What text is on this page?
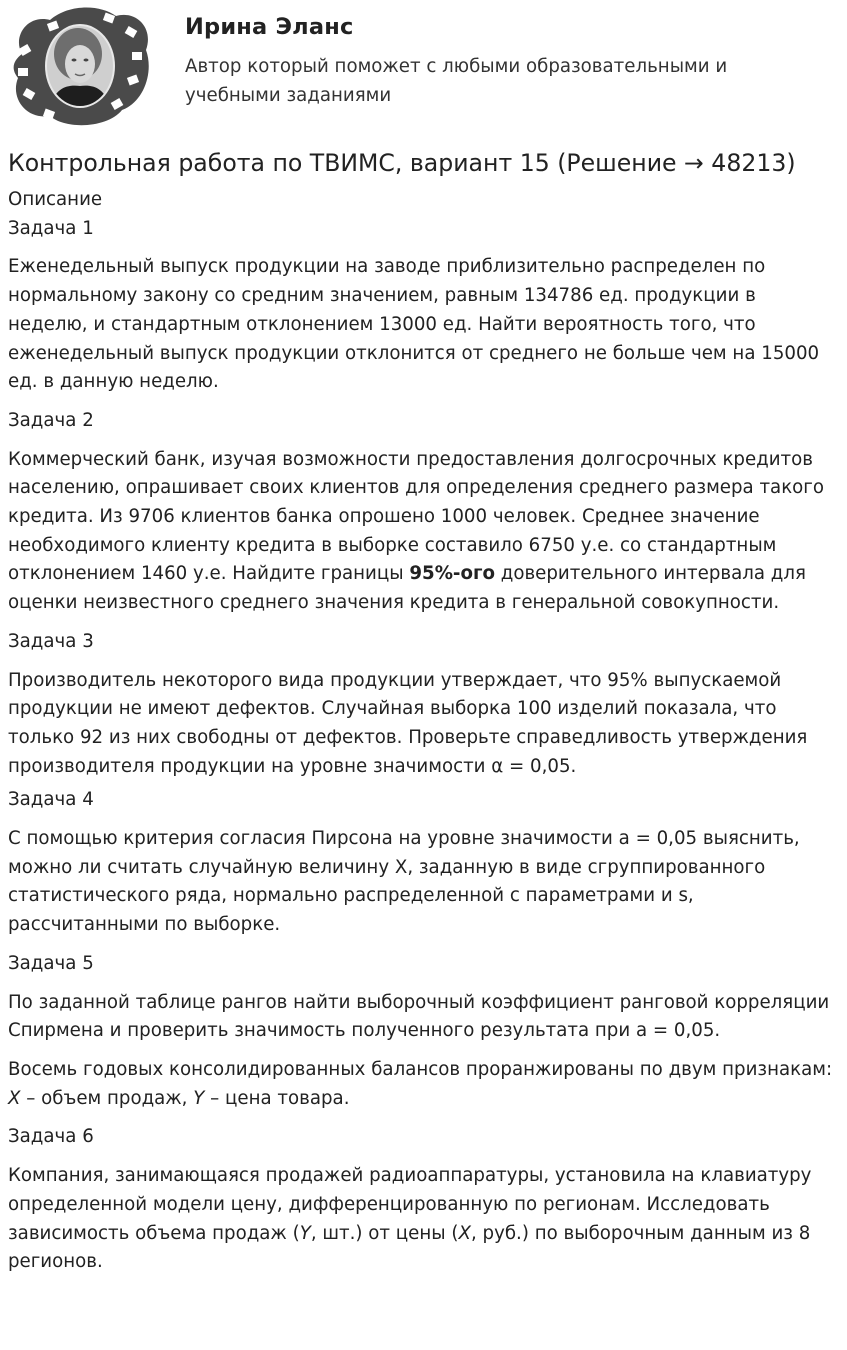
Ирина Эланс
Автор который поможет с любыми образовательными и учебными заданиями
Контрольная работа по ТВИМС, вариант 15 (Решение → 48213)

Описание

Задача 1

Еженедельный выпуск продукции на заводе приблизительно распределен по нормальному закону со средним значением, равным 134786 ед. продукции в неделю, и стандартным отклонением 13000 ед. Найти вероятность того, что еженедельный выпуск продукции отклонится от среднего не больше чем на 15000 ед. в данную неделю.

Задача 2

Коммерческий банк, изучая возможности предоставления долгосрочных кредитов населению, опрашивает своих клиентов для определения среднего размера такого кредита. Из 9706 клиентов банка опрошено 1000 человек. Среднее значение необходимого клиенту кредита в выборке составило 6750 у.е. со стандартным отклонением 1460 у.е. Найдите границы 95%-ого доверительного интервала для оценки неизвестного среднего значения кредита в генеральной совокупности.

Задача 3

Производитель некоторого вида продукции утверждает, что 95% выпускаемой продукции не имеют дефектов. Случайная выборка 100 изделий показала, что только 92 из них свободны от дефектов. Проверьте справедливость утверждения производителя продукции на уровне значимости α = 0,05.

Задача 4

С помощью критерия согласия Пирсона на уровне значимости а = 0,05 выяснить, можно ли считать случайную величину X, заданную в виде сгруппированного статистического ряда, нормально распределенной с параметрами и s, рассчитанными по выборке.

Задача 5

По заданной таблице рангов найти выборочный коэффициент ранговой корреляции Спирмена и проверить значимость полученного результата при а = 0,05.

Восемь годовых консолидированных балансов проранжированы по двум признакам: X – объем продаж, Y – цена товара.

Задача 6

Компания, занимающаяся продажей радиоаппаратуры, установила на клавиатуру определенной модели цену, дифференцированную по регионам. Исследовать зависимость объема продаж (Y, шт.) от цены (X, руб.) по выборочным данным из 8 регионов.
